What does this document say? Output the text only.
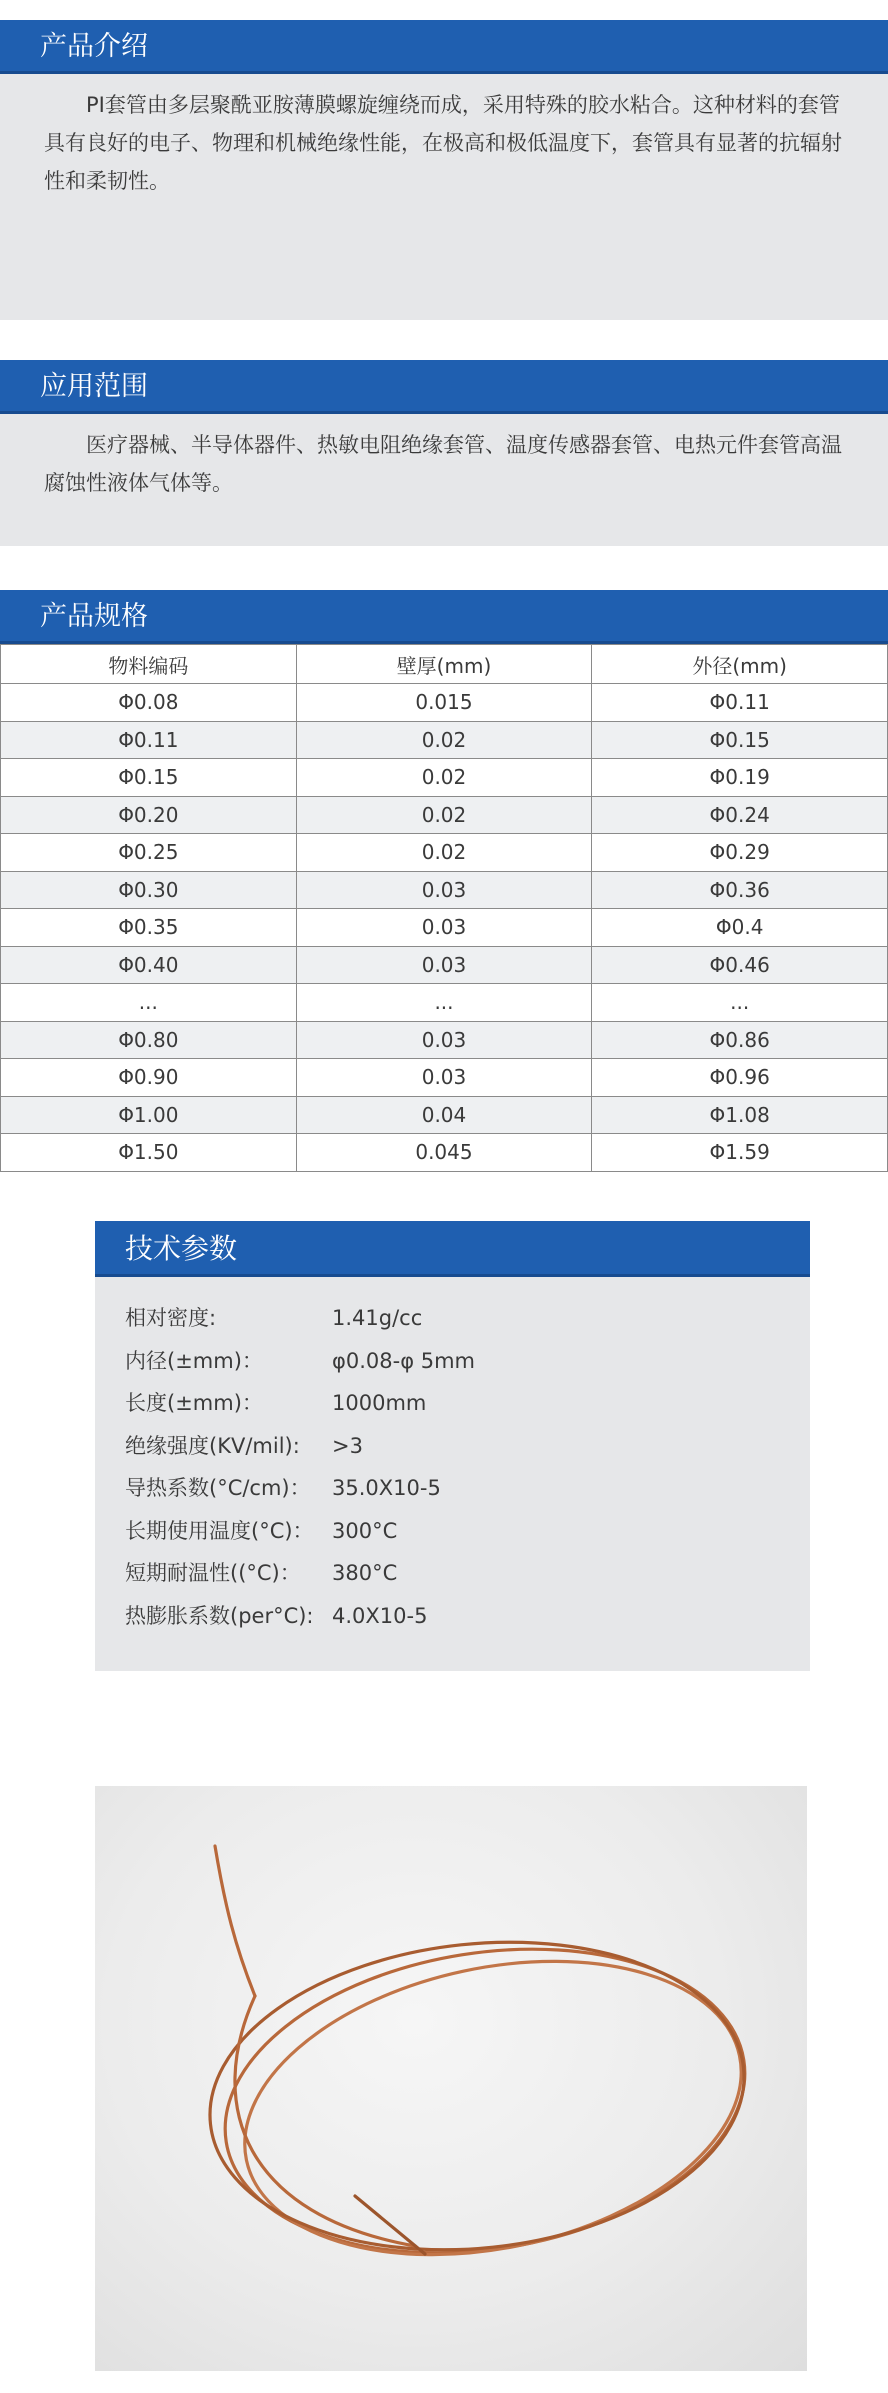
产品介绍
PI套管由多层聚酰亚胺薄膜螺旋缠绕而成，采用特殊的胶水粘合。这种材料的套管具有良好的电子、物理和机械绝缘性能，在极高和极低温度下，套管具有显著的抗辐射性和柔韧性。
应用范围
医疗器械、半导体器件、热敏电阻绝缘套管、温度传感器套管、电热元件套管高温腐蚀性液体气体等。
产品规格
物料编码	壁厚(mm)	外径(mm)
Φ0.08	0.015	Φ0.11
Φ0.11	0.02	Φ0.15
Φ0.15	0.02	Φ0.19
Φ0.20	0.02	Φ0.24
Φ0.25	0.02	Φ0.29
Φ0.30	0.03	Φ0.36
Φ0.35	0.03	Φ0.4
Φ0.40	0.03	Φ0.46
...	...	...
Φ0.80	0.03	Φ0.86
Φ0.90	0.03	Φ0.96
Φ1.00	0.04	Φ1.08
Φ1.50	0.045	Φ1.59
技术参数
相对密度:	1.41g/cc
内径(±mm)：	φ0.08-φ 5mm
长度(±mm)：	1000mm
绝缘强度(KV/mil):	>3
导热系数(°C/cm)：	35.0X10-5
长期使用温度(°C)： 300°C
短期耐温性((°C)：	380°C
热膨胀系数(per°C): 4.0X10-5
